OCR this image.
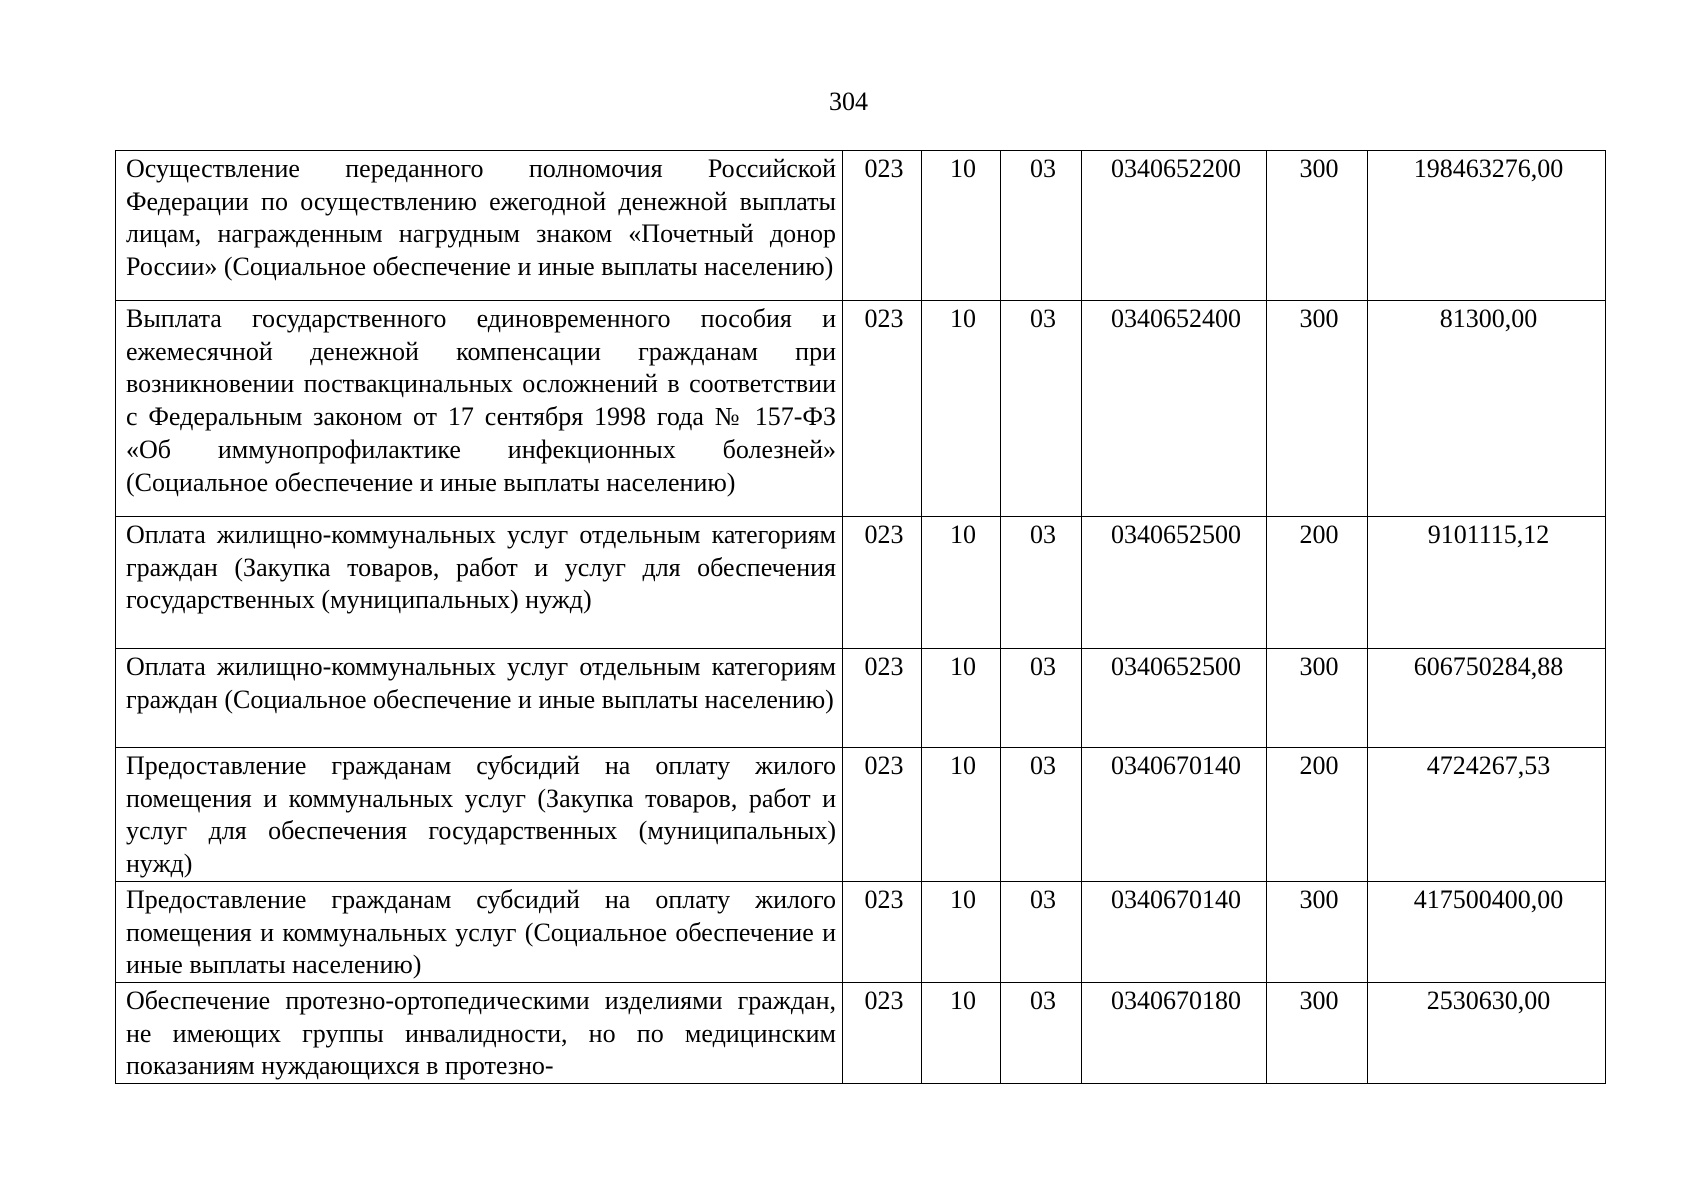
304
Осуществление переданного полномочия Российской Федерации по осуществлению ежегодной денежной выплаты лицам, награжденным нагрудным знаком «Почетный донор России» (Социальное обеспечение и иные выплаты населению)	023	10	03	0340652200	300	198463276,00
Выплата государственного единовременного пособия и ежемесячной денежной компенсации гражданам при возникновении поствакцинальных осложнений в соответствии с Федеральным законом от 17 сентября 1998 года № 157-ФЗ «Об иммунопрофилактике инфекционных болезней» (Социальное обеспечение и иные выплаты населению)	023	10	03	0340652400	300	81300,00
Оплата жилищно-коммунальных услуг отдельным категориям граждан (Закупка товаров, работ и услуг для обеспечения государственных (муниципальных) нужд)	023	10	03	0340652500	200	9101115,12
Оплата жилищно-коммунальных услуг отдельным категориям граждан (Социальное обеспечение и иные выплаты населению)	023	10	03	0340652500	300	606750284,88
Предоставление гражданам субсидий на оплату жилого помещения и коммунальных услуг (Закупка товаров, работ и услуг для обеспечения государственных (муниципальных) нужд)	023	10	03	0340670140	200	4724267,53
Предоставление гражданам субсидий на оплату жилого помещения и коммунальных услуг (Социальное обеспечение и иные выплаты населению)	023	10	03	0340670140	300	417500400,00
Обеспечение протезно-ортопедическими изделиями граждан, не имеющих группы инвалидности, но по медицинским показаниям нуждающихся в протезно-	023	10	03	0340670180	300	2530630,00
